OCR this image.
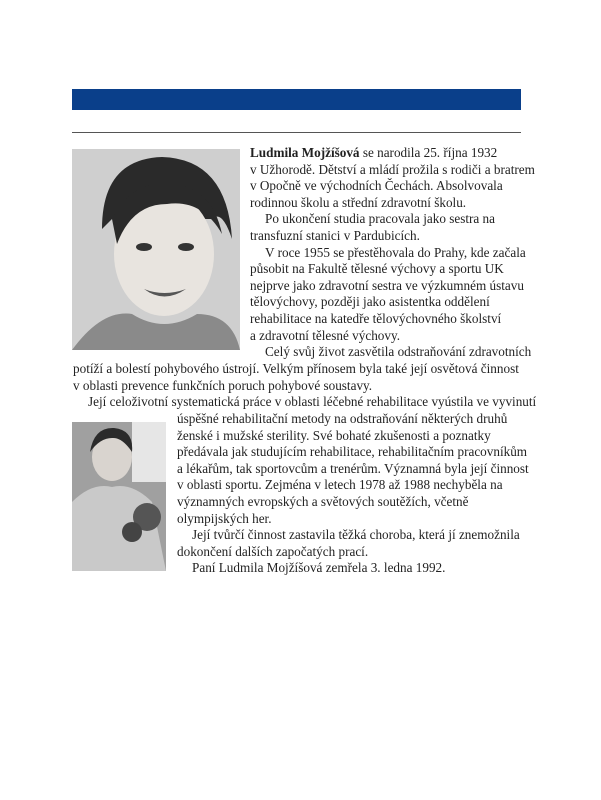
Ludmila Mojžíšová se narodila 25. října 1932
v Užhorodě. Dětství a mládí prožila s rodiči a bratrem
v Opočně ve východních Čechách. Absolvovala
rodinnou školu a střední zdravotní školu.
Po ukončení studia pracovala jako sestra na
transfuzní stanici v Pardubicích.
V roce 1955 se přestěhovala do Prahy, kde začala
působit na Fakultě tělesné výchovy a sportu UK
nejprve jako zdravotní sestra ve výzkumném ústavu
tělovýchovy, později jako asistentka oddělení
rehabilitace na katedře tělovýchovného školství
a zdravotní tělesné výchovy.
Celý svůj život zasvětila odstraňování zdravotních
potíží a bolestí pohybového ústrojí. Velkým přínosem byla také její osvětová činnost
v oblasti prevence funkčních poruch pohybové soustavy.
Její celoživotní systematická práce v oblasti léčebné rehabilitace vyústila ve vyvinutí
úspěšné rehabilitační metody na odstraňování některých druhů
ženské i mužské sterility. Své bohaté zkušenosti a poznatky
předávala jak studujícím rehabilitace, rehabilitačním pracovníkům
a lékařům, tak sportovcům a trenérům. Významná byla její činnost
v oblasti sportu. Zejména v letech 1978 až 1988 nechyběla na
významných evropských a světových soutěžích, včetně
olympijských her.
Její tvůrčí činnost zastavila těžká choroba, která jí znemožnila
dokončení dalších započatých prací.
Paní Ludmila Mojžíšová zemřela 3. ledna 1992.
